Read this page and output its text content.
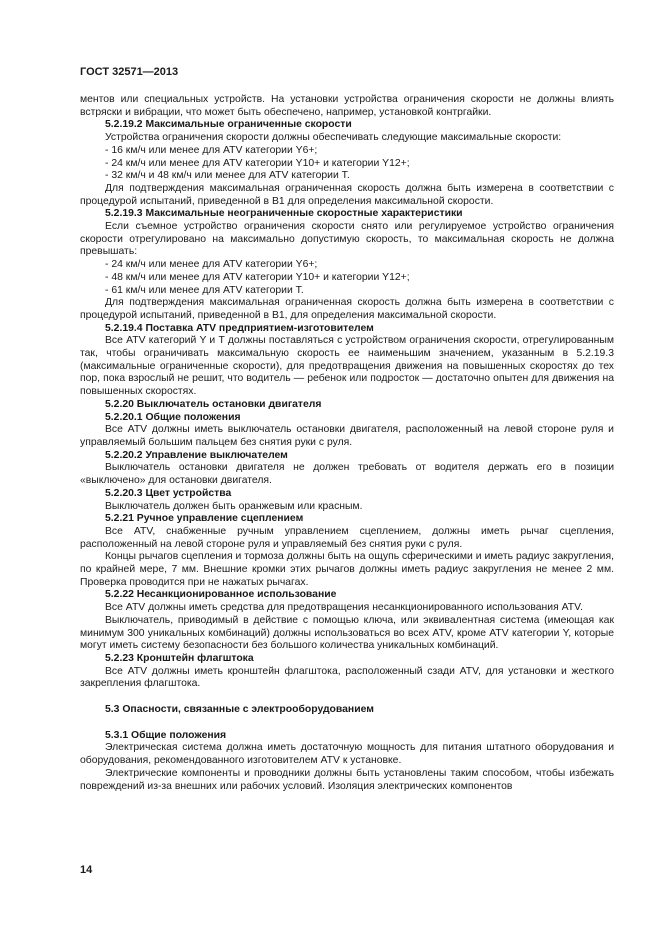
ГОСТ 32571—2013
ментов или специальных устройств. На установки устройства ограничения скорости не должны влиять встряски и вибрации, что может быть обеспечено, например, установкой контргайки.
5.2.19.2 Максимальные ограниченные скорости
Устройства ограничения скорости должны обеспечивать следующие максимальные скорости:
- 16 км/ч или менее для ATV категории Y6+;
- 24 км/ч или менее для ATV категории Y10+ и категории Y12+;
- 32 км/ч и 48 км/ч или менее для ATV категории T.
Для подтверждения максимальная ограниченная скорость должна быть измерена в соответствии с процедурой испытаний, приведенной в B1 для определения максимальной скорости.
5.2.19.3 Максимальные неограниченные скоростные характеристики
Если съемное устройство ограничения скорости снято или регулируемое устройство ограничения скорости отрегулировано на максимально допустимую скорость, то максимальная скорость не должна превышать:
- 24 км/ч или менее для ATV категории Y6+;
- 48 км/ч или менее для ATV категории Y10+ и категории Y12+;
- 61 км/ч или менее для ATV категории T.
Для подтверждения максимальная ограниченная скорость должна быть измерена в соответствии с процедурой испытаний, приведенной в B1, для определения максимальной скорости.
5.2.19.4 Поставка ATV предприятием-изготовителем
Все ATV категорий Y и T должны поставляться с устройством ограничения скорости, отрегулированным так, чтобы ограничивать максимальную скорость ее наименьшим значением, указанным в 5.2.19.3 (максимальные ограниченные скорости), для предотвращения движения на повышенных скоростях до тех пор, пока взрослый не решит, что водитель — ребенок или подросток — достаточно опытен для движения на повышенных скоростях.
5.2.20 Выключатель остановки двигателя
5.2.20.1 Общие положения
Все ATV должны иметь выключатель остановки двигателя, расположенный на левой стороне руля и управляемый большим пальцем без снятия руки с руля.
5.2.20.2 Управление выключателем
Выключатель остановки двигателя не должен требовать от водителя держать его в позиции «выключено» для остановки двигателя.
5.2.20.3 Цвет устройства
Выключатель должен быть оранжевым или красным.
5.2.21 Ручное управление сцеплением
Все ATV, снабженные ручным управлением сцеплением, должны иметь рычаг сцепления, расположенный на левой стороне руля и управляемый без снятия руки с руля.
Концы рычагов сцепления и тормоза должны быть на ощупь сферическими и иметь радиус закругления, по крайней мере, 7 мм. Внешние кромки этих рычагов должны иметь радиус закругления не менее 2 мм. Проверка проводится при не нажатых рычагах.
5.2.22 Несанкционированное использование
Все ATV должны иметь средства для предотвращения несанкционированного использования ATV.
Выключатель, приводимый в действие с помощью ключа, или эквивалентная система (имеющая как минимум 300 уникальных комбинаций) должны использоваться во всех ATV, кроме ATV категории Y, которые могут иметь систему безопасности без большого количества уникальных комбинаций.
5.2.23 Кронштейн флагштока
Все ATV должны иметь кронштейн флагштока, расположенный сзади ATV, для установки и жесткого закрепления флагштока.
5.3 Опасности, связанные с электрооборудованием
5.3.1 Общие положения
Электрическая система должна иметь достаточную мощность для питания штатного оборудования и оборудования, рекомендованного изготовителем ATV к установке.
Электрические компоненты и проводники должны быть установлены таким способом, чтобы избежать повреждений из-за внешних или рабочих условий. Изоляция электрических компонентов
14
